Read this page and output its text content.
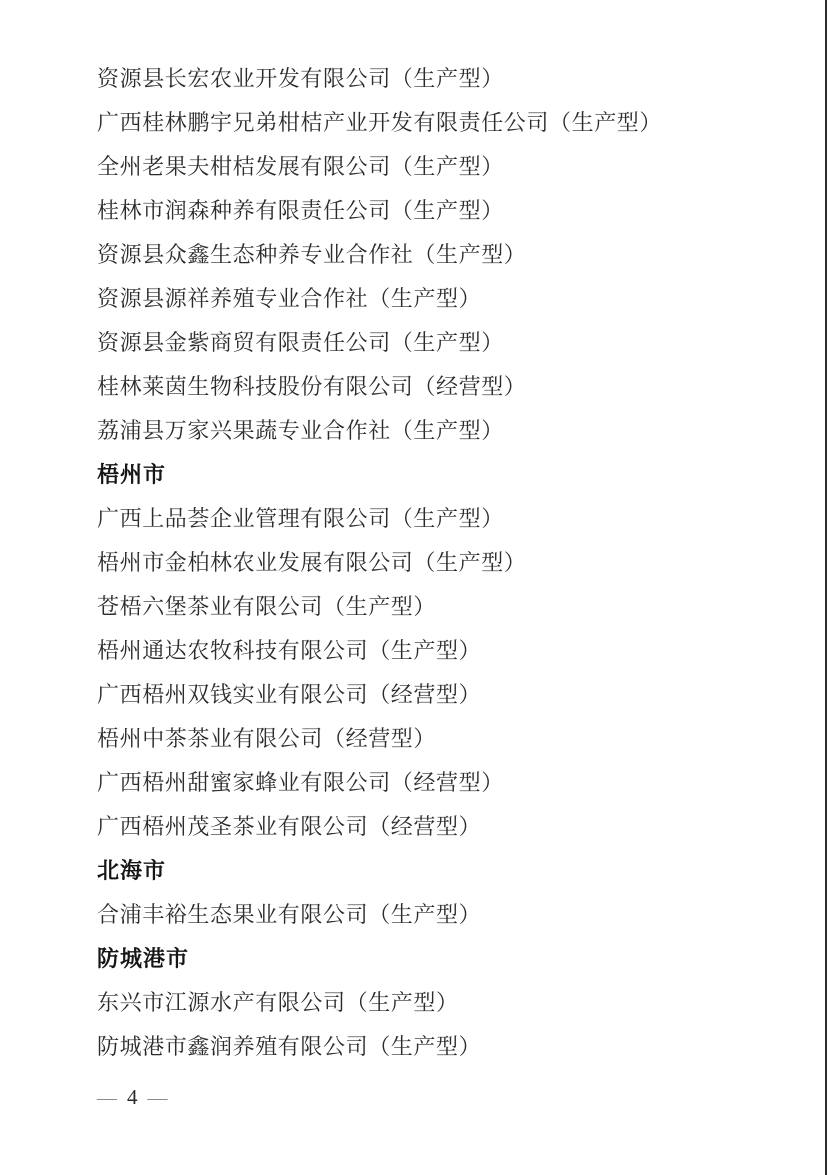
资源县长宏农业开发有限公司（生产型）

广西桂林鹏宇兄弟柑桔产业开发有限责任公司（生产型）

全州老果夫柑桔发展有限公司（生产型）

桂林市润森种养有限责任公司（生产型）

资源县众鑫生态种养专业合作社（生产型）

资源县源祥养殖专业合作社（生产型）

资源县金紫商贸有限责任公司（生产型）

桂林莱茵生物科技股份有限公司（经营型）

荔浦县万家兴果蔬专业合作社（生产型）

梧州市

广西上品荟企业管理有限公司（生产型）

梧州市金柏林农业发展有限公司（生产型）

苍梧六堡茶业有限公司（生产型）

梧州通达农牧科技有限公司（生产型）

广西梧州双钱实业有限公司（经营型）

梧州中茶茶业有限公司（经营型）

广西梧州甜蜜家蜂业有限公司（经营型）

广西梧州茂圣茶业有限公司（经营型）

北海市

合浦丰裕生态果业有限公司（生产型）

防城港市

东兴市江源水产有限公司（生产型）

防城港市鑫润养殖有限公司（生产型）

— 4 —
